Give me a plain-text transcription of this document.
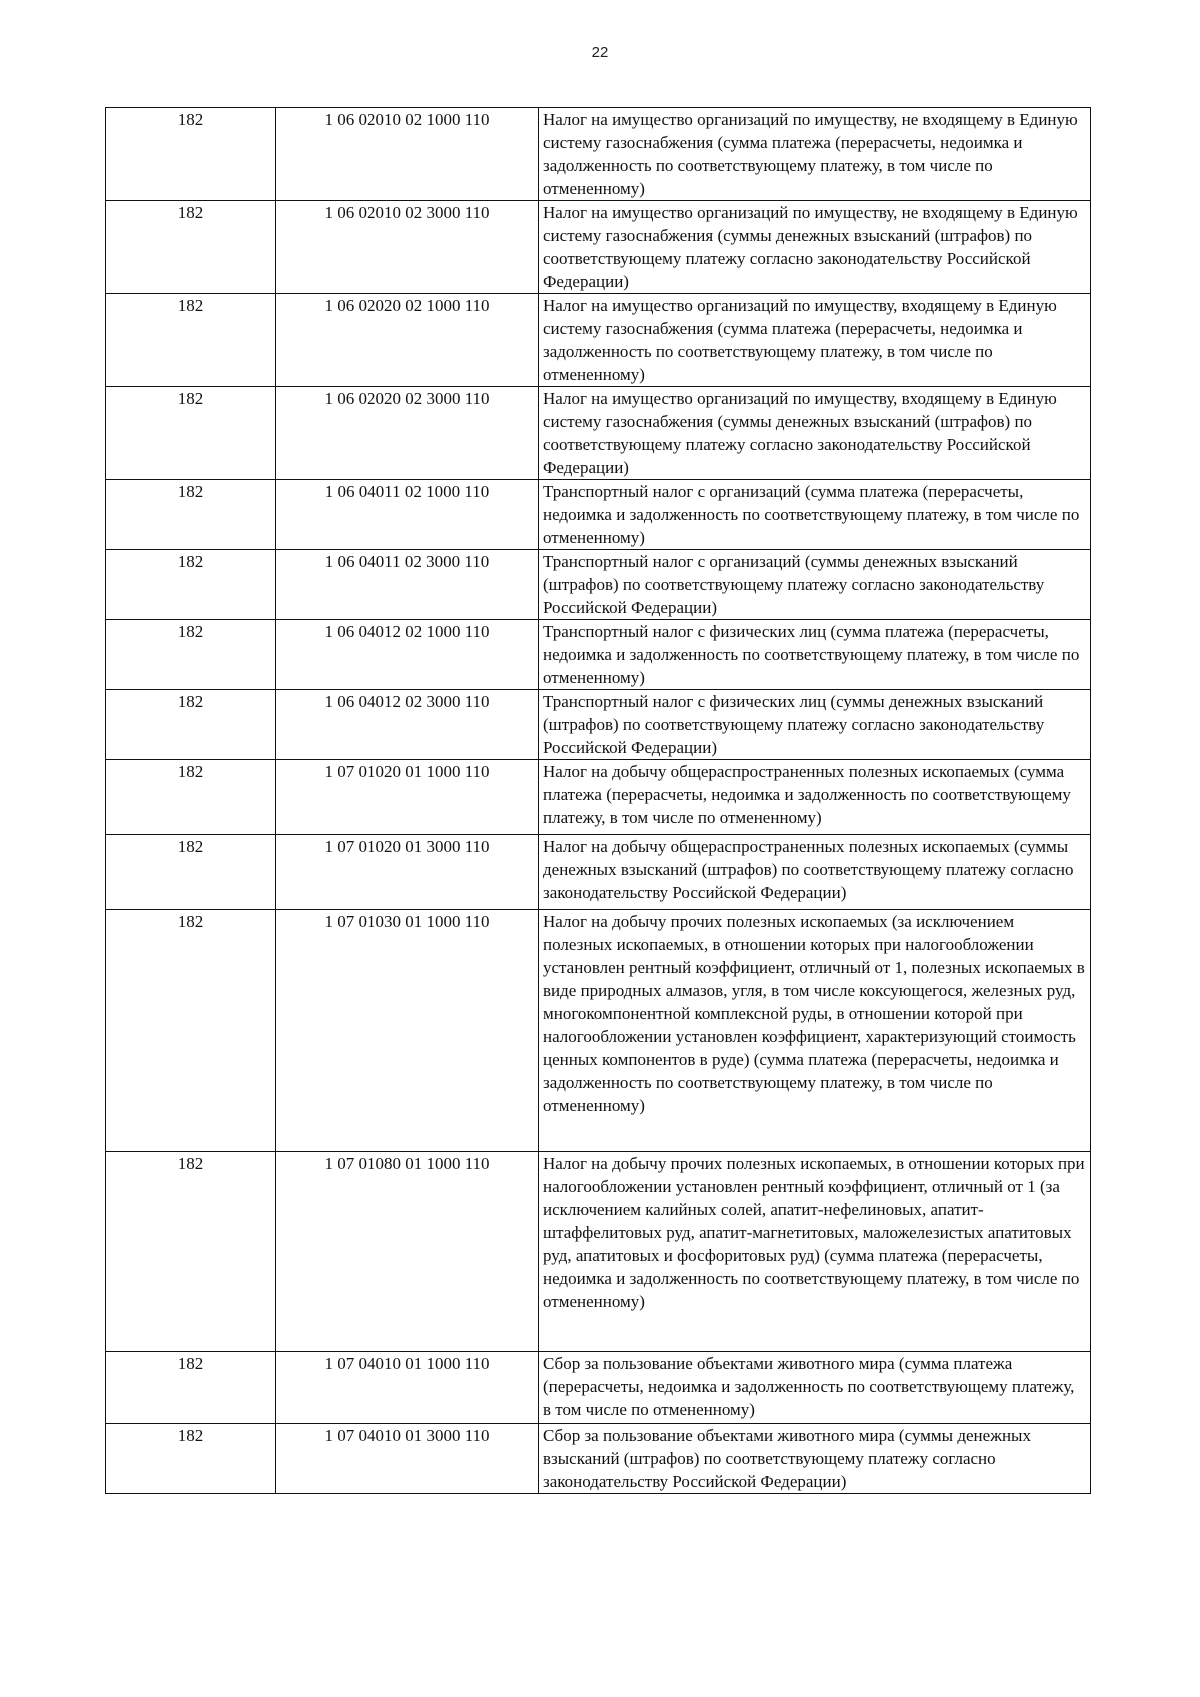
22
182	1 06 02010 02 1000 110	Налог на имущество организаций по имуществу, не входящему в Единую систему газоснабжения (сумма платежа (перерасчеты, недоимка и задолженность по соответствующему платежу, в том числе по отмененному)
182	1 06 02010 02 3000 110	Налог на имущество организаций по имуществу, не входящему в Единую систему газоснабжения (суммы денежных взысканий (штрафов) по соответствующему платежу согласно законодательству Российской Федерации)
182	1 06 02020 02 1000 110	Налог на имущество организаций по имуществу, входящему в Единую систему газоснабжения (сумма платежа (перерасчеты, недоимка и задолженность по соответствующему платежу, в том числе по отмененному)
182	1 06 02020 02 3000 110	Налог на имущество организаций по имуществу, входящему в Единую систему газоснабжения (суммы денежных взысканий (штрафов) по соответствующему платежу согласно законодательству Российской Федерации)
182	1 06 04011 02 1000 110	Транспортный налог с организаций (сумма платежа (перерасчеты, недоимка и задолженность по соответствующему платежу, в том числе по отмененному)
182	1 06 04011 02 3000 110	Транспортный налог с организаций (суммы денежных взысканий (штрафов) по соответствующему платежу согласно законодательству Российской Федерации)
182	1 06 04012 02 1000 110	Транспортный налог с физических лиц (сумма платежа (перерасчеты, недоимка и задолженность по соответствующему платежу, в том числе по отмененному)
182	1 06 04012 02 3000 110	Транспортный налог с физических лиц (суммы денежных взысканий (штрафов) по соответствующему платежу согласно законодательству Российской Федерации)
182	1 07 01020 01 1000 110	Налог на добычу общераспространенных полезных ископаемых (сумма платежа (перерасчеты, недоимка и задолженность по соответствующему платежу, в том числе по отмененному)
182	1 07 01020 01 3000 110	Налог на добычу общераспространенных полезных ископаемых (суммы денежных взысканий (штрафов) по соответствующему платежу согласно законодательству Российской Федерации)
182	1 07 01030 01 1000 110	Налог на добычу прочих полезных ископаемых (за исключением полезных ископаемых, в отношении которых при налогообложении установлен рентный коэффициент, отличный от 1, полезных ископаемых в виде природных алмазов, угля, в том числе коксующегося, железных руд, многокомпонентной комплексной руды, в отношении которой при налогообложении установлен коэффициент, характеризующий стоимость ценных компонентов в руде) (сумма платежа (перерасчеты, недоимка и задолженность по соответствующему платежу, в том числе по отмененному)
182	1 07 01080 01 1000 110	Налог на добычу прочих полезных ископаемых, в отношении которых при налогообложении установлен рентный коэффициент, отличный от 1 (за исключением калийных солей, апатит-нефелиновых, апатит-штаффелитовых руд, апатит-магнетитовых, маложелезистых апатитовых руд, апатитовых и фосфоритовых руд) (сумма платежа (перерасчеты, недоимка и задолженность по соответствующему платежу, в том числе по отмененному)
182	1 07 04010 01 1000 110	Сбор за пользование объектами животного мира (сумма платежа (перерасчеты, недоимка и задолженность по соответствующему платежу, в том числе по отмененному)
182	1 07 04010 01 3000 110	Сбор за пользование объектами животного мира (суммы денежных взысканий (штрафов) по соответствующему платежу согласно законодательству Российской Федерации)
